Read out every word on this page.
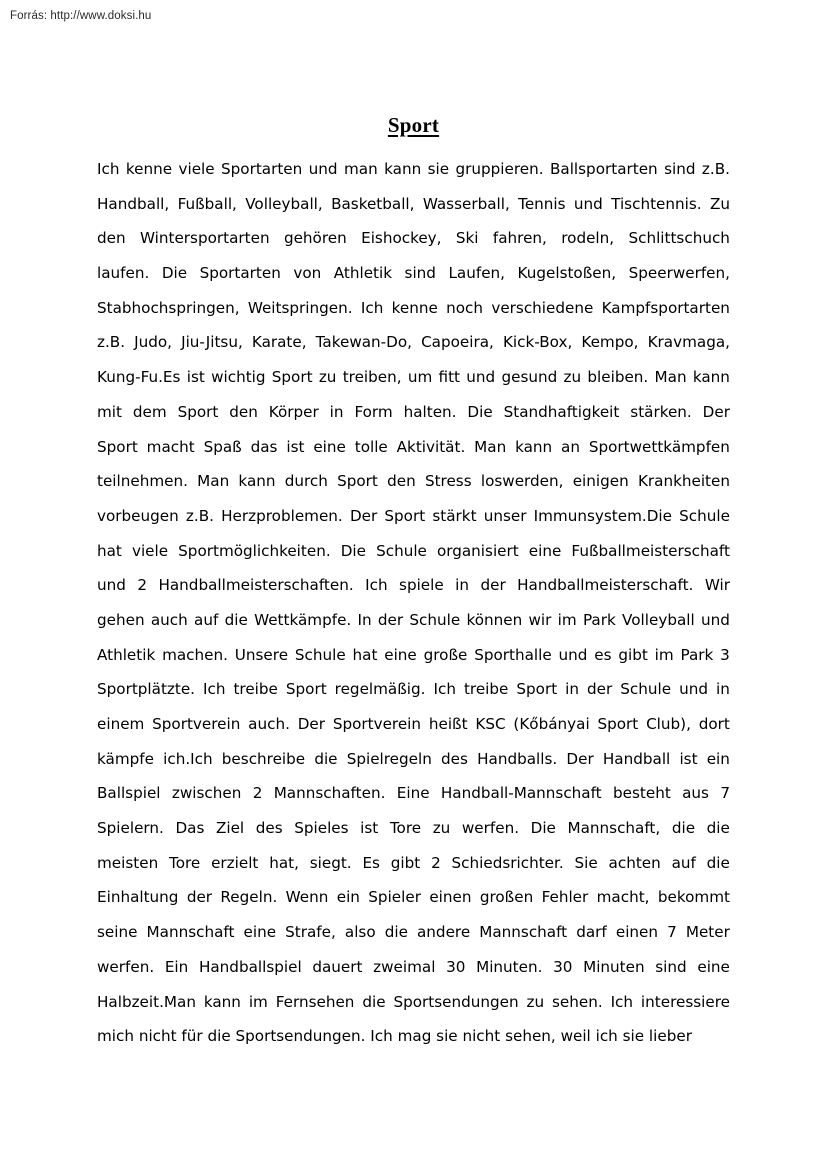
Forrás: http://www.doksi.hu
Sport
Ich kenne viele Sportarten und man kann sie gruppieren. Ballsportarten sind z.B.
Handball, Fußball, Volleyball, Basketball, Wasserball, Tennis und Tischtennis. Zu
den Wintersportarten gehören Eishockey, Ski fahren, rodeln, Schlittschuch
laufen. Die Sportarten von Athletik sind Laufen, Kugelstoßen, Speerwerfen,
Stabhochspringen, Weitspringen. Ich kenne noch verschiedene Kampfsportarten
z.B. Judo, Jiu-Jitsu, Karate, Takewan-Do, Capoeira, Kick-Box, Kempo, Kravmaga,
Kung-Fu.Es ist wichtig Sport zu treiben, um fitt und gesund zu bleiben. Man kann
mit dem Sport den Körper in Form halten. Die Standhaftigkeit stärken. Der
Sport macht Spaß das ist eine tolle Aktivität. Man kann an Sportwettkämpfen
teilnehmen. Man kann durch Sport den Stress loswerden, einigen Krankheiten
vorbeugen z.B. Herzproblemen. Der Sport stärkt unser Immunsystem.Die Schule
hat viele Sportmöglichkeiten. Die Schule organisiert eine Fußballmeisterschaft
und 2 Handballmeisterschaften. Ich spiele in der Handballmeisterschaft. Wir
gehen auch auf die Wettkämpfe. In der Schule können wir im Park Volleyball und
Athletik machen. Unsere Schule hat eine große Sporthalle und es gibt im Park 3
Sportplätzte. Ich treibe Sport regelmäßig. Ich treibe Sport in der Schule und in
einem Sportverein auch. Der Sportverein heißt KSC (Kőbányai Sport Club), dort
kämpfe ich.Ich beschreibe die Spielregeln des Handballs. Der Handball ist ein
Ballspiel zwischen 2 Mannschaften. Eine Handball-Mannschaft besteht aus 7
Spielern. Das Ziel des Spieles ist Tore zu werfen. Die Mannschaft, die die
meisten Tore erzielt hat, siegt. Es gibt 2 Schiedsrichter. Sie achten auf die
Einhaltung der Regeln. Wenn ein Spieler einen großen Fehler macht, bekommt
seine Mannschaft eine Strafe, also die andere Mannschaft darf einen 7 Meter
werfen. Ein Handballspiel dauert zweimal 30 Minuten. 30 Minuten sind eine
Halbzeit.Man kann im Fernsehen die Sportsendungen zu sehen. Ich interessiere
mich nicht für die Sportsendungen. Ich mag sie nicht sehen, weil ich sie lieber
